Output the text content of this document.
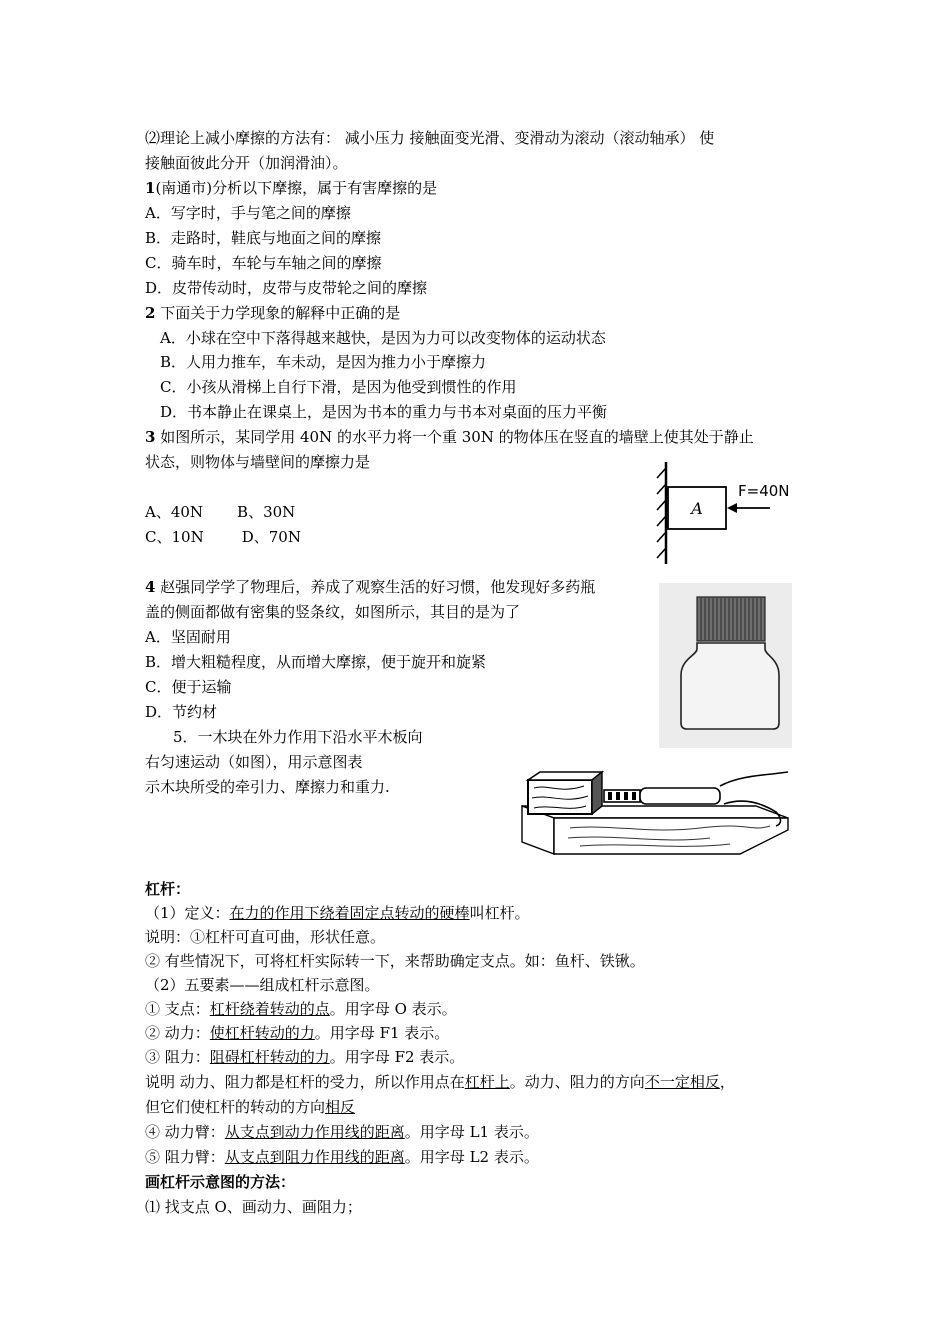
⑵理论上减小摩擦的方法有： 减小压力 接触面变光滑、变滑动为滚动（滚动轴承） 使
接触面彼此分开（加润滑油）。
1(南通市)分析以下摩擦，属于有害摩擦的是
A．写字时，手与笔之间的摩擦
B．走路时，鞋底与地面之间的摩擦
C．骑车时，车轮与车轴之间的摩擦
D．皮带传动时，皮带与皮带轮之间的摩擦
2 下面关于力学现象的解释中正确的是
A．小球在空中下落得越来越快，是因为力可以改变物体的运动状态
B．人用力推车，车未动，是因为推力小于摩擦力
C．小孩从滑梯上自行下滑，是因为他受到惯性的作用
D．书本静止在课桌上，是因为书本的重力与书本对桌面的压力平衡
3 如图所示，某同学用 40N 的水平力将一个重 30N 的物体压在竖直的墙壁上使其处于静止
状态，则物体与墙壁间的摩擦力是
A、40N B、30N
C、10N	D、70N
A
F=40N
4 赵强同学学了物理后，养成了观察生活的好习惯，他发现好多药瓶
盖的侧面都做有密集的竖条纹，如图所示，其目的是为了
A．坚固耐用
B．增大粗糙程度，从而增大摩擦，便于旋开和旋紧
C．便于运输
D．节约材
5．一木块在外力作用下沿水平木板向
右匀速运动（如图），用示意图表
示木块所受的牵引力、摩擦力和重力.
杠杆：
（1）定义：在力的作用下绕着固定点转动的硬棒叫杠杆。
说明：①杠杆可直可曲，形状任意。
② 有些情况下，可将杠杆实际转一下，来帮助确定支点。如：鱼杆、铁锹。
（2）五要素——组成杠杆示意图。
① 支点：杠杆绕着转动的点。用字母 O 表示。
② 动力：使杠杆转动的力。用字母 F1 表示。
③ 阻力：阻碍杠杆转动的力。用字母 F2 表示。
说明 动力、阻力都是杠杆的受力，所以作用点在杠杆上。动力、阻力的方向不一定相反，
但它们使杠杆的转动的方向相反
④ 动力臂：从支点到动力作用线的距离。用字母 L1 表示。
⑤ 阻力臂：从支点到阻力作用线的距离。用字母 L2 表示。
画杠杆示意图的方法：
⑴ 找支点 O、画动力、画阻力；
